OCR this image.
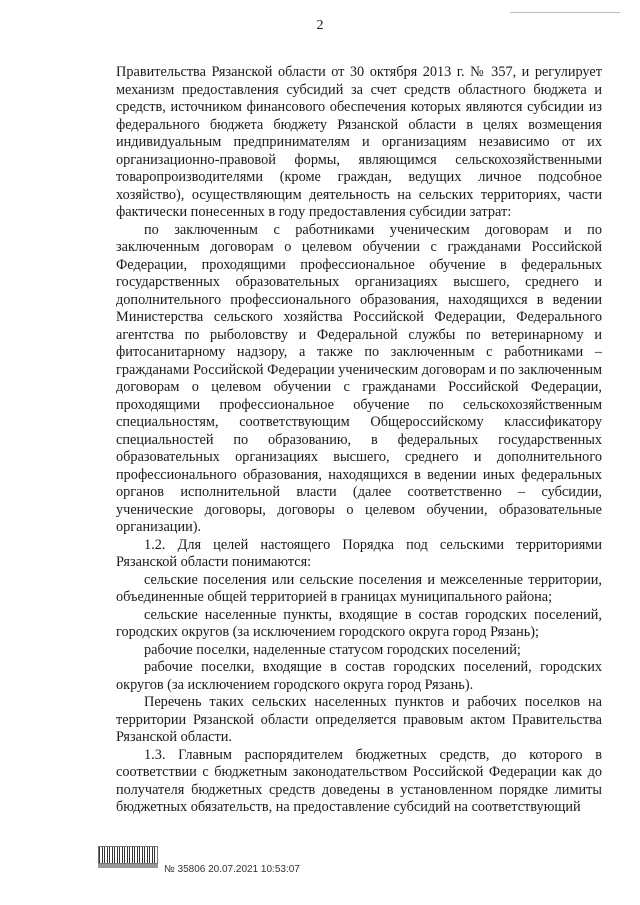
2

Правительства Рязанской области от 30 октября 2013 г. № 357, и регулирует механизм предоставления субсидий за счет средств областного бюджета и средств, источником финансового обеспечения которых являются субсидии из федерального бюджета бюджету Рязанской области в целях возмещения индивидуальным предпринимателям и организациям независимо от их организационно-правовой формы, являющимся сельскохозяйственными товаропроизводителями (кроме граждан, ведущих личное подсобное хозяйство), осуществляющим деятельность на сельских территориях, части фактически понесенных в году предоставления субсидии затрат:

по заключенным с работниками ученическим договорам и по заключенным договорам о целевом обучении с гражданами Российской Федерации, проходящими профессиональное обучение в федеральных государственных образовательных организациях высшего, среднего и дополнительного профессионального образования, находящихся в ведении Министерства сельского хозяйства Российской Федерации, Федерального агентства по рыболовству и Федеральной службы по ветеринарному и фитосанитарному надзору, а также по заключенным с работниками – гражданами Российской Федерации ученическим договорам и по заключенным договорам о целевом обучении с гражданами Российской Федерации, проходящими профессиональное обучение по сельскохозяйственным специальностям, соответствующим Общероссийскому классификатору специальностей по образованию, в федеральных государственных образовательных организациях высшего, среднего и дополнительного профессионального образования, находящихся в ведении иных федеральных органов исполнительной власти (далее соответственно – субсидии, ученические договоры, договоры о целевом обучении, образовательные организации).

1.2. Для целей настоящего Порядка под сельскими территориями Рязанской области понимаются:

сельские поселения или сельские поселения и межселенные территории, объединенные общей территорией в границах муниципального района;

сельские населенные пункты, входящие в состав городских поселений, городских округов (за исключением городского округа город Рязань);

рабочие поселки, наделенные статусом городских поселений;

рабочие поселки, входящие в состав городских поселений, городских округов (за исключением городского округа город Рязань).

Перечень таких сельских населенных пунктов и рабочих поселков на территории Рязанской области определяется правовым актом Правительства Рязанской области.

1.3. Главным распорядителем бюджетных средств, до которого в соответствии с бюджетным законодательством Российской Федерации как до получателя бюджетных средств доведены в установленном порядке лимиты бюджетных обязательств, на предоставление субсидий на соответствующий

№ 35806 20.07.2021 10:53:07
